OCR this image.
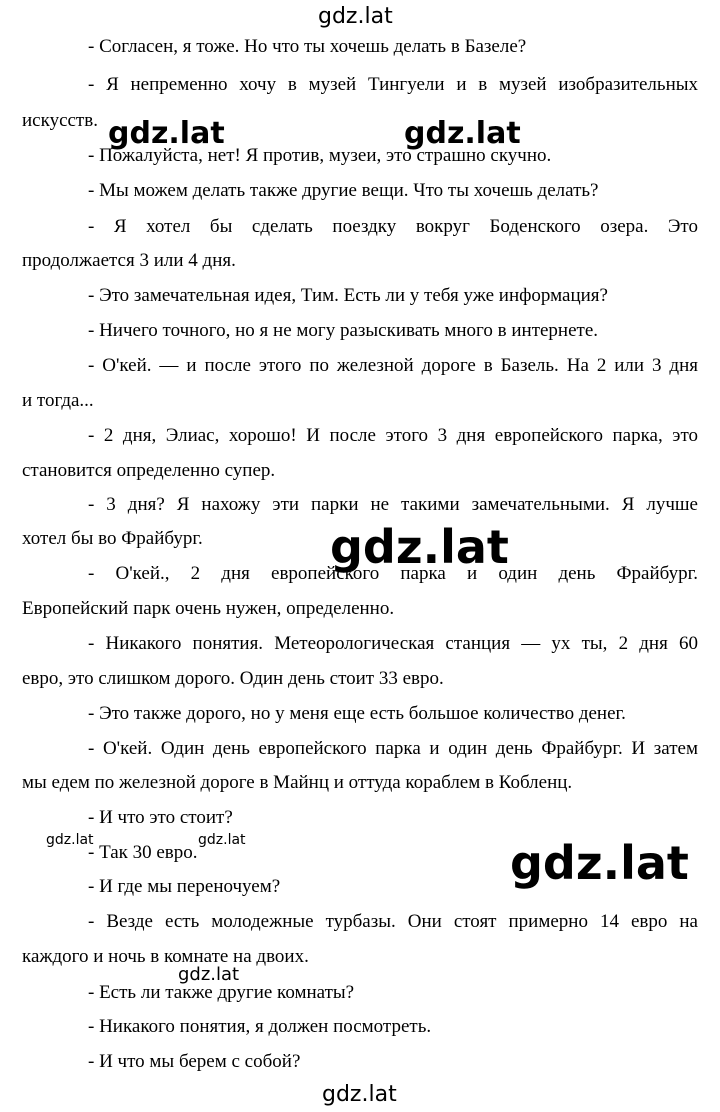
- Согласен, я тоже. Но что ты хочешь делать в Базеле?
- Я непременно хочу в музей Тингуели и в музей изобразительных
искусств.
- Пожалуйста, нет! Я против, музеи, это страшно скучно.
- Мы можем делать также другие вещи. Что ты хочешь делать?
- Я хотел бы сделать поездку вокруг Боденского озера. Это
продолжается 3 или 4 дня.
- Это замечательная идея, Тим. Есть ли у тебя уже информация?
- Ничего точного, но я не могу разыскивать много в интернете.
- О'кей. — и после этого по железной дороге в Базель. На 2 или 3 дня
и тогда...
- 2 дня, Элиас, хорошо! И после этого 3 дня европейского парка, это
становится определенно супер.
- 3 дня? Я нахожу эти парки не такими замечательными. Я лучше
хотел бы во Фрайбург.
- О'кей., 2 дня европейского парка и один день Фрайбург.
Европейский парк очень нужен, определенно.
- Никакого понятия. Метеорологическая станция — ух ты, 2 дня 60
евро, это слишком дорого. Один день стоит 33 евро.
- Это также дорого, но у меня еще есть большое количество денег.
- О'кей. Один день европейского парка и один день Фрайбург. И затем
мы едем по железной дороге в Майнц и оттуда кораблем в Кобленц.
- И что это стоит?
- Так 30 евро.
- И где мы переночуем?
- Везде есть молодежные турбазы. Они стоят примерно 14 евро на
каждого и ночь в комнате на двоих.
- Есть ли также другие комнаты?
- Никакого понятия, я должен посмотреть.
- И что мы берем с собой?
gdz.lat
gdz.lat	gdz.lat
gdz.lat
gdz.lat	gdz.lat	gdz.lat
gdz.lat
gdz.lat
